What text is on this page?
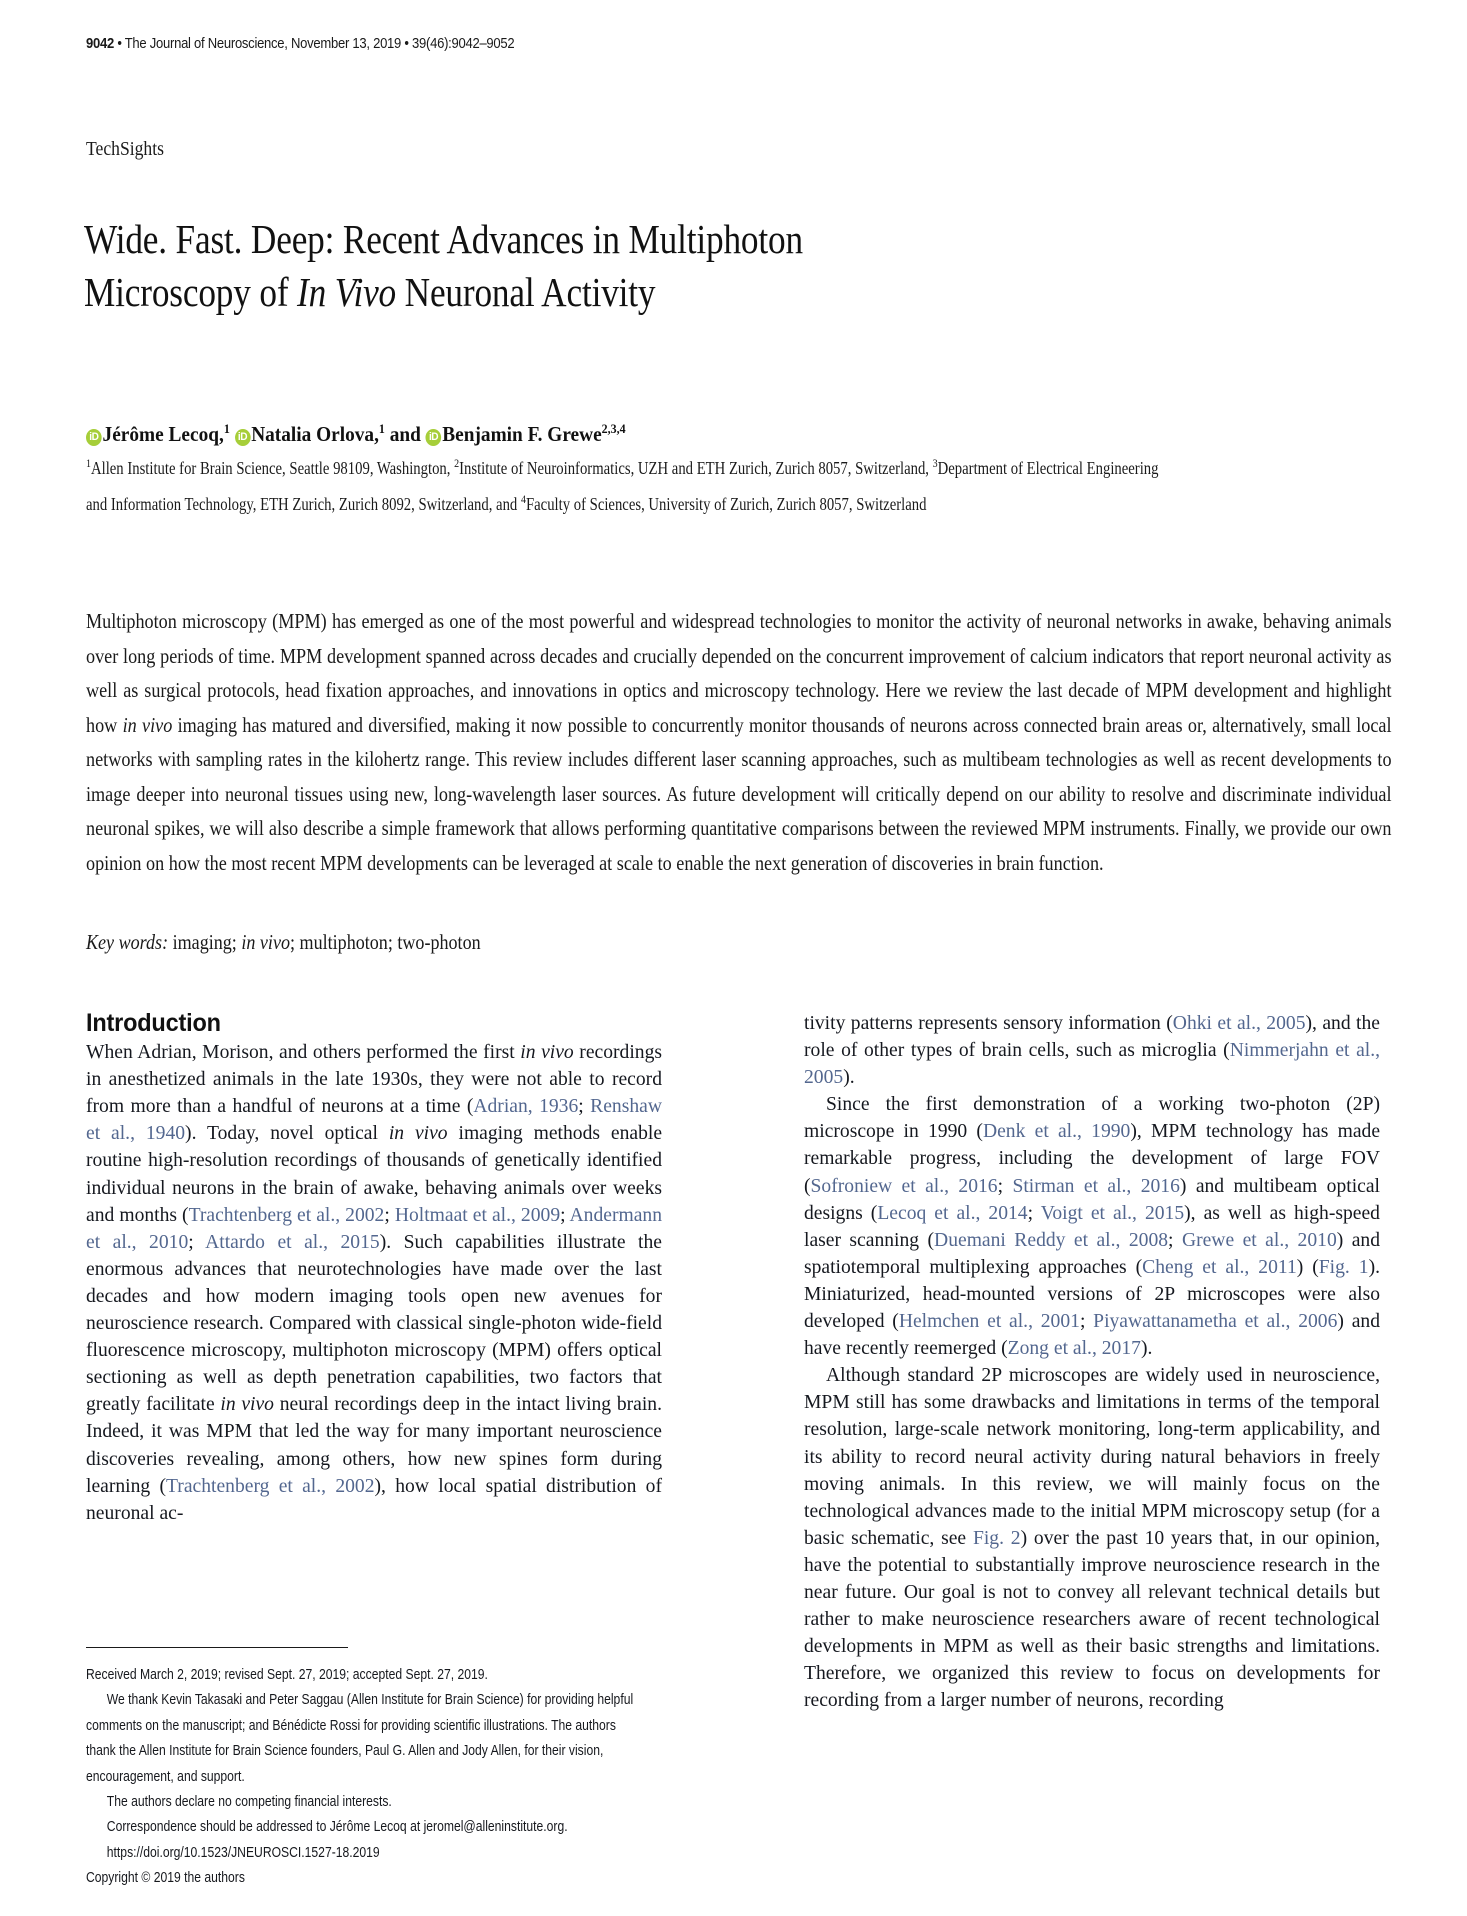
9042 • The Journal of Neuroscience, November 13, 2019 • 39(46):9042–9052
TechSights
Wide. Fast. Deep: Recent Advances in Multiphoton
Microscopy of In Vivo Neuronal Activity
iD Jérôme Lecoq,$^1$ iD Natalia Orlova,$^1$ and iD Benjamin F. Grewe$^{2,3,4}$
$^1$Allen Institute for Brain Science, Seattle 98109, Washington, $^2$Institute of Neuroinformatics, UZH and ETH Zurich, Zurich 8057, Switzerland, $^3$Department of Electrical Engineering and Information Technology, ETH Zurich, Zurich 8092, Switzerland, and $^4$Faculty of Sciences, University of Zurich, Zurich 8057, Switzerland
Multiphoton microscopy (MPM) has emerged as one of the most powerful and widespread technologies to monitor the activity of neuronal networks in awake, behaving animals over long periods of time. MPM development spanned across decades and crucially depended on the concurrent improvement of calcium indicators that report neuronal activity as well as surgical protocols, head fixation approaches, and innovations in optics and microscopy technology. Here we review the last decade of MPM development and highlight how in vivo imaging has matured and diversified, making it now possible to concurrently monitor thousands of neurons across connected brain areas or, alternatively, small local networks with sampling rates in the kilohertz range. This review includes different laser scanning approaches, such as multibeam technologies as well as recent developments to image deeper into neuronal tissues using new, long-wavelength laser sources. As future development will critically depend on our ability to resolve and discriminate individual neuronal spikes, we will also describe a simple framework that allows performing quantitative comparisons between the reviewed MPM instruments. Finally, we provide our own opinion on how the most recent MPM developments can be leveraged at scale to enable the next generation of discoveries in brain function.
Key words: imaging; in vivo; multiphoton; two-photon
Introduction

When Adrian, Morison, and others performed the first in vivo recordings in anesthetized animals in the late 1930s, they were not able to record from more than a handful of neurons at a time (Adrian, 1936; Renshaw et al., 1940). Today, novel optical in vivo imaging methods enable routine high-resolution recordings of thousands of genetically identified individual neurons in the brain of awake, behaving animals over weeks and months (Trachtenberg et al., 2002; Holtmaat et al., 2009; Andermann et al., 2010; Attardo et al., 2015). Such capabilities illustrate the enormous advances that neurotechnologies have made over the last decades and how modern imaging tools open new avenues for neuroscience research. Compared with classical single-photon wide-field fluorescence microscopy, multiphoton microscopy (MPM) offers optical sectioning as well as depth penetration capabilities, two factors that greatly facilitate in vivo neural recordings deep in the intact living brain. Indeed, it was MPM that led the way for many important neuroscience discoveries revealing, among others, how new spines form during learning (Trachtenberg et al., 2002), how local spatial distribution of neuronal ac-

tivity patterns represents sensory information (Ohki et al., 2005), and the role of other types of brain cells, such as microglia (Nimmerjahn et al., 2005).

Since the first demonstration of a working two-photon (2P) microscope in 1990 (Denk et al., 1990), MPM technology has made remarkable progress, including the development of large FOV (Sofroniew et al., 2016; Stirman et al., 2016) and multibeam optical designs (Lecoq et al., 2014; Voigt et al., 2015), as well as high-speed laser scanning (Duemani Reddy et al., 2008; Grewe et al., 2010) and spatiotemporal multiplexing approaches (Cheng et al., 2011) (Fig. 1). Miniaturized, head-mounted versions of 2P microscopes were also developed (Helmchen et al., 2001; Piyawattanametha et al., 2006) and have recently reemerged (Zong et al., 2017).

Although standard 2P microscopes are widely used in neuroscience, MPM still has some drawbacks and limitations in terms of the temporal resolution, large-scale network monitoring, long-term applicability, and its ability to record neural activity during natural behaviors in freely moving animals. In this review, we will mainly focus on the technological advances made to the initial MPM microscopy setup (for a basic schematic, see Fig. 2) over the past 10 years that, in our opinion, have the potential to substantially improve neuroscience research in the near future. Our goal is not to convey all relevant technical details but rather to make neuroscience researchers aware of recent technological developments in MPM as well as their basic strengths and limitations. Therefore, we organized this review to focus on developments for recording from a larger number of neurons, recording

Received March 2, 2019; revised Sept. 27, 2019; accepted Sept. 27, 2019.

We thank Kevin Takasaki and Peter Saggau (Allen Institute for Brain Science) for providing helpful comments on the manuscript; and Bénédicte Rossi for providing scientific illustrations. The authors thank the Allen Institute for Brain Science founders, Paul G. Allen and Jody Allen, for their vision, encouragement, and support.

The authors declare no competing financial interests.

Correspondence should be addressed to Jérôme Lecoq at jeromel@alleninstitute.org.

https://doi.org/10.1523/JNEUROSCI.1527-18.2019

Copyright © 2019 the authors
